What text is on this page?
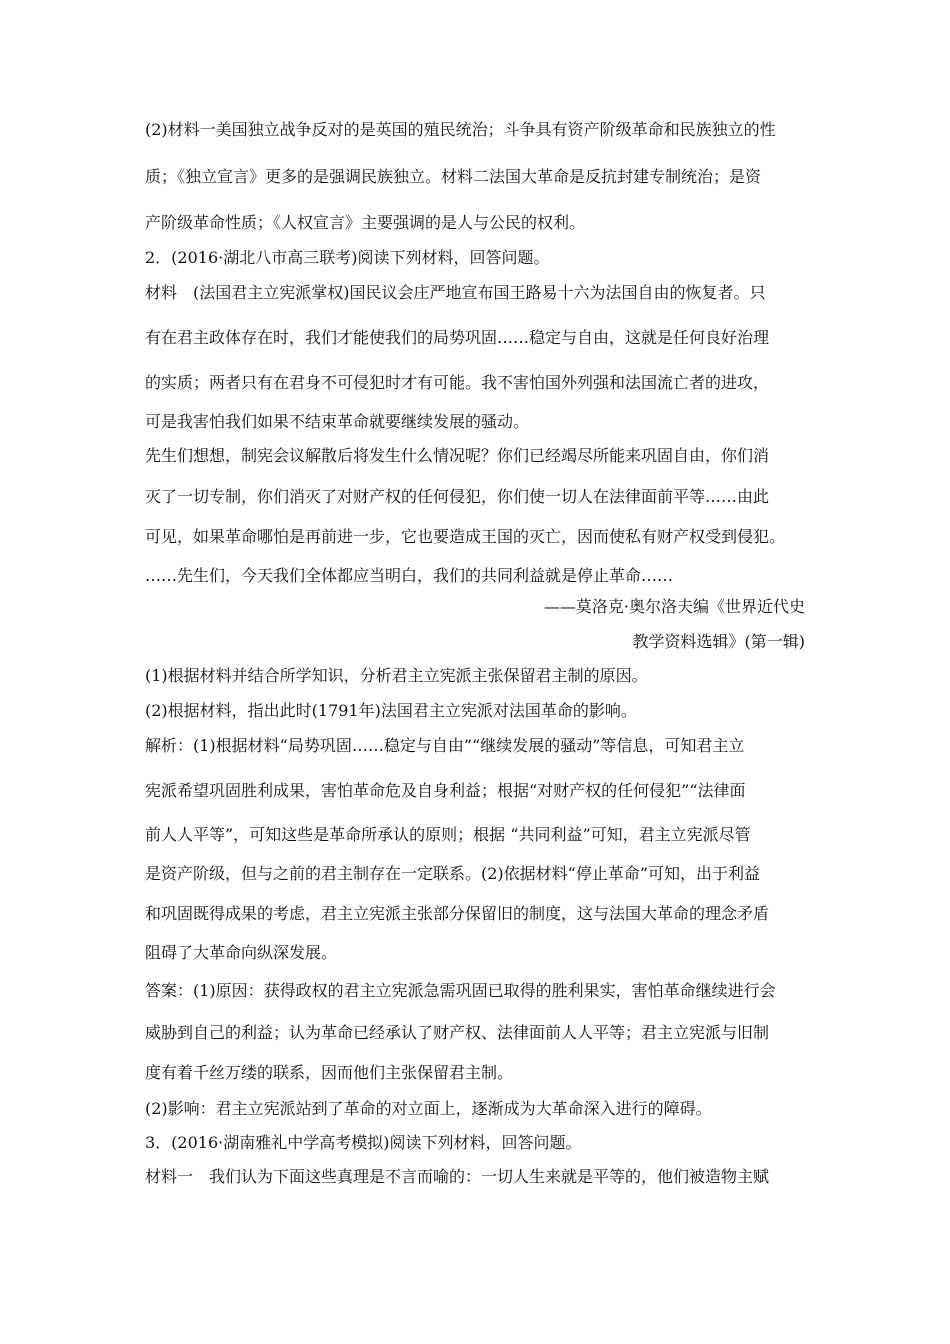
(2)材料一美国独立战争反对的是英国的殖民统治；斗争具有资产阶级革命和民族独立的性
质；《独立宣言》更多的是强调民族独立。材料二法国大革命是反抗封建专制统治；是资
产阶级革命性质；《人权宣言》主要强调的是人与公民的权利。
2．(2016·湖北八市高三联考)阅读下列材料，回答问题。
材料　(法国君主立宪派掌权)国民议会庄严地宣布国王路易十六为法国自由的恢复者。只
有在君主政体存在时，我们才能使我们的局势巩固……稳定与自由，这就是任何良好治理
的实质；两者只有在君身不可侵犯时才有可能。我不害怕国外列强和法国流亡者的进攻，
可是我害怕我们如果不结束革命就要继续发展的骚动。
先生们想想，制宪会议解散后将发生什么情况呢？你们已经竭尽所能来巩固自由，你们消
灭了一切专制，你们消灭了对财产权的任何侵犯，你们使一切人在法律面前平等……由此
可见，如果革命哪怕是再前进一步，它也要造成王国的灭亡，因而使私有财产权受到侵犯。
……先生们，今天我们全体都应当明白，我们的共同利益就是停止革命……
——莫洛克·奥尔洛夫编《世界近代史
教学资料选辑》(第一辑)
(1)根据材料并结合所学知识，分析君主立宪派主张保留君主制的原因。
(2)根据材料，指出此时(1791年)法国君主立宪派对法国革命的影响。
解析：(1)根据材料“局势巩固……稳定与自由”“继续发展的骚动”等信息，可知君主立
宪派希望巩固胜利成果，害怕革命危及自身利益；根据“对财产权的任何侵犯”“法律面
前人人平等”，可知这些是革命所承认的原则；根据 “共同利益”可知，君主立宪派尽管
是资产阶级，但与之前的君主制存在一定联系。(2)依据材料“停止革命”可知，出于利益
和巩固既得成果的考虑，君主立宪派主张部分保留旧的制度，这与法国大革命的理念矛盾
阻碍了大革命向纵深发展。
答案：(1)原因：获得政权的君主立宪派急需巩固已取得的胜利果实，害怕革命继续进行会
威胁到自己的利益；认为革命已经承认了财产权、法律面前人人平等；君主立宪派与旧制
度有着千丝万缕的联系，因而他们主张保留君主制。
(2)影响：君主立宪派站到了革命的对立面上，逐渐成为大革命深入进行的障碍。
3．(2016·湖南雅礼中学高考模拟)阅读下列材料，回答问题。
材料一　我们认为下面这些真理是不言而喻的：一切人生来就是平等的，他们被造物主赋
